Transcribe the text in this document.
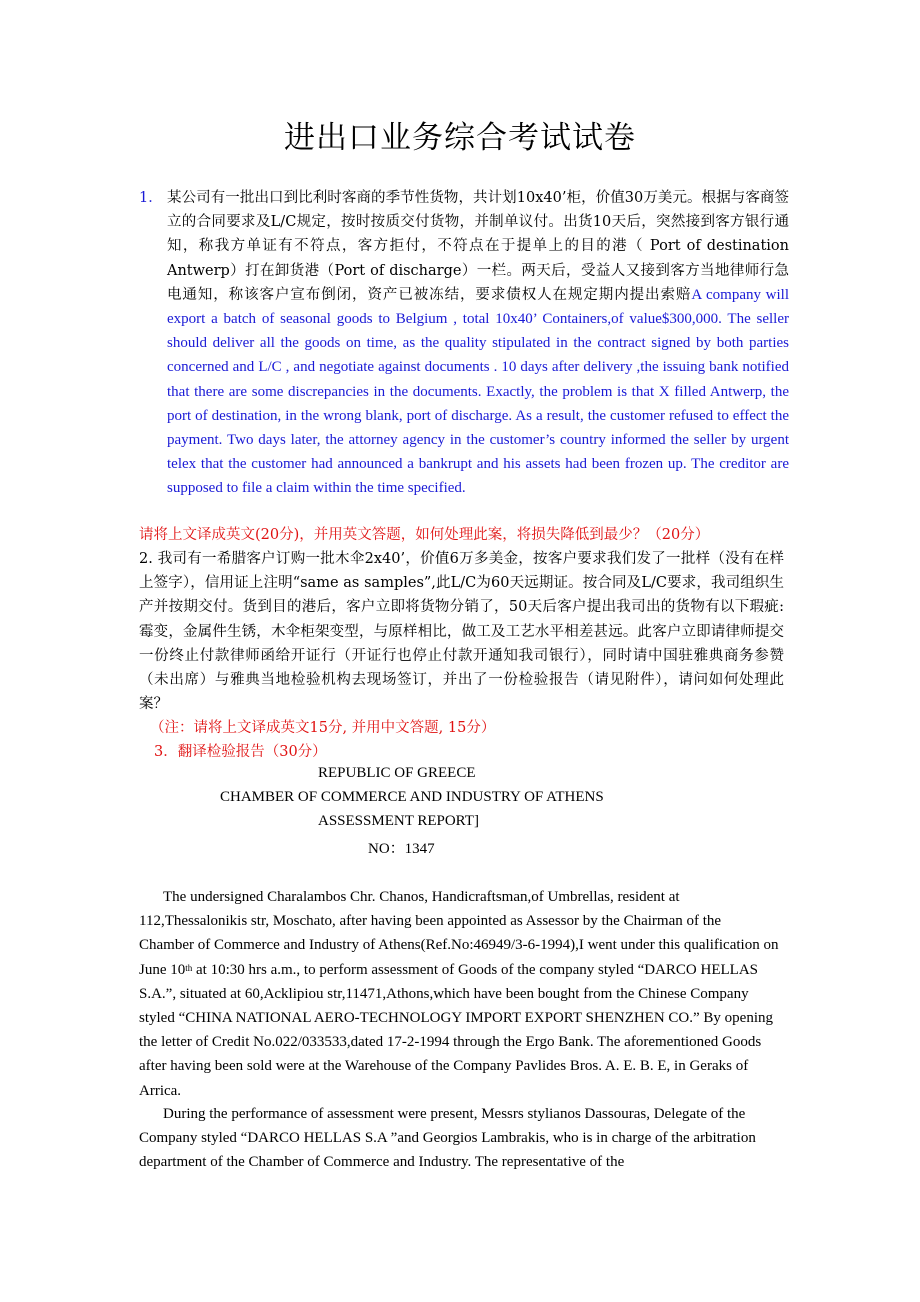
进出口业务综合考试试卷
1． 某公司有一批出口到比利时客商的季节性货物，共计划10x40’柜，价值30万美元。根据与客商签立的合同要求及L/C规定，按时按质交付货物，并制单议付。出货10天后，突然接到客方银行通知，称我方单证有不符点，客方拒付，不符点在于提单上的目的港（ Port of destination Antwerp）打在卸货港（Port of discharge）一栏。两天后，受益人又接到客方当地律师行急电通知，称该客户宣布倒闭，资产已被冻结，要求债权人在规定期内提出索赔A company will export a batch of seasonal goods to Belgium , total 10x40’ Containers,of value$300,000. The seller should deliver all the goods on time, as the quality stipulated in the contract signed by both parties concerned and L/C , and negotiate against documents . 10 days after delivery ,the issuing bank notified that there are some discrepancies in the documents. Exactly, the problem is that X filled Antwerp, the port of destination, in the wrong blank, port of discharge. As a result, the customer refused to effect the payment. Two days later, the attorney agency in the customer’s country informed the seller by urgent telex that the customer had announced a bankrupt and his assets had been frozen up. The creditor are supposed to file a claim within the time specified.
请将上文译成英文(20分)，并用英文答题，如何处理此案，将损失降低到最少？（20分）
2. 我司有一希腊客户订购一批木伞2x40’，价值6万多美金，按客户要求我们发了一批样（没有在样上签字），信用证上注明“same as samples”,此L/C为60天远期证。按合同及L/C要求，我司组织生产并按期交付。货到目的港后，客户立即将货物分销了，50天后客户提出我司出的货物有以下瑕疵: 霉变，金属件生锈，木伞柜架变型，与原样相比，做工及工艺水平相差甚远。此客户立即请律师提交一份终止付款律师函给开证行（开证行也停止付款开通知我司银行），同时请中国驻雅典商务参赞（未出席）与雅典当地检验机构去现场签订，并出了一份检验报告（请见附件），请问如何处理此案？
（注：请将上文译成英文15分, 并用中文答题, 15分）
3．翻译检验报告（30分）
REPUBLIC OF GREECE
CHAMBER OF COMMERCE AND INDUSTRY OF ATHENS
ASSESSMENT REPORT]
NO：1347
The undersigned Charalambos Chr. Chanos, Handicraftsman,of Umbrellas, resident at 112,Thessalonikis str, Moschato, after having been appointed as Assessor by the Chairman of the Chamber of Commerce and Industry of Athens(Ref.No:46949/3-6-1994),I went under this qualification on June 10th at 10:30 hrs a.m., to perform assessment of Goods of the company styled “DARCO HELLAS S.A.”, situated at 60,Acklipiou str,11471,Athons,which have been bought from the Chinese Company styled “CHINA NATIONAL AERO-TECHNOLOGY IMPORT EXPORT SHENZHEN CO.” By opening the letter of Credit No.022/033533,dated 17-2-1994 through the Ergo Bank. The aforementioned Goods after having been sold were at the Warehouse of the Company Pavlides Bros. A. E. B. E, in Geraks of Arrica.
During the performance of assessment were present, Messrs stylianos Dassouras, Delegate of the Company styled “DARCO HELLAS S.A ”and Georgios Lambrakis, who is in charge of the arbitration department of the Chamber of Commerce and Industry. The representative of the
